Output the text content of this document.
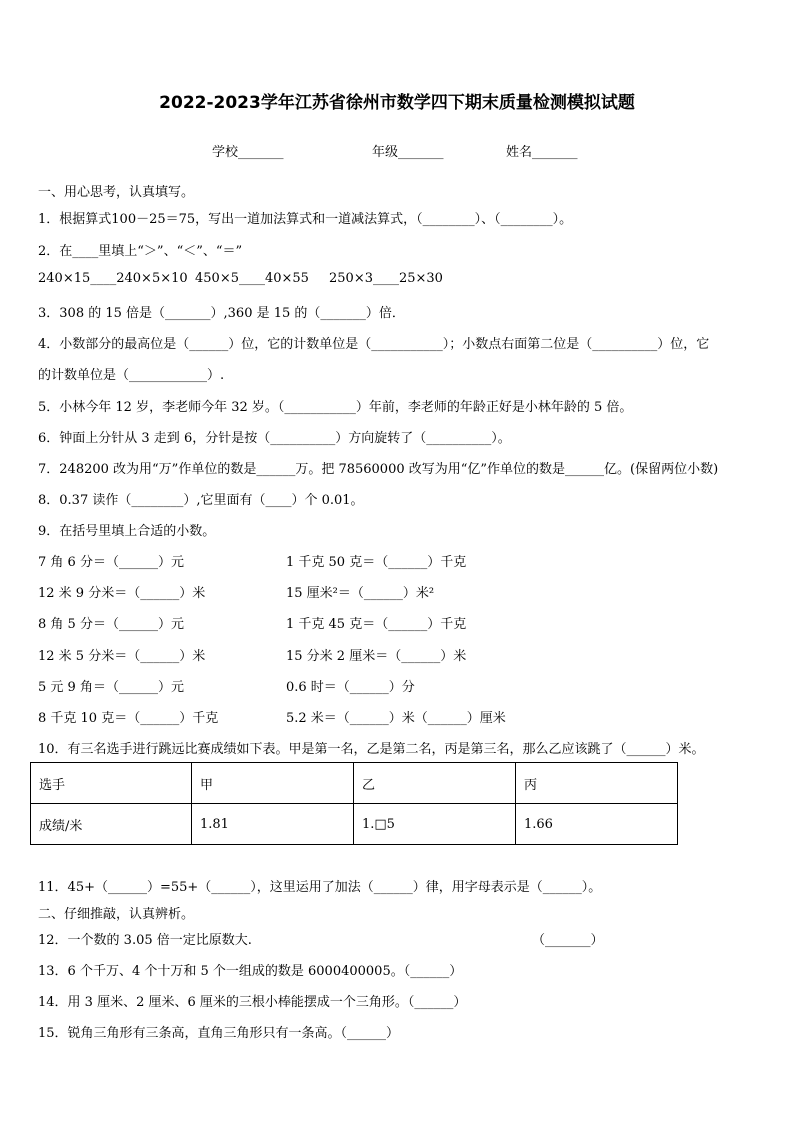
2022-2023学年江苏省徐州市数学四下期末质量检测模拟试题
学校_______	年级_______	姓名_______
一、用心思考，认真填写。
1．根据算式100－25＝75，写出一道加法算式和一道减法算式，（________）、（________）。
2．在____里填上“＞”、“＜”、“＝”
240×15____240×5×10 450×5____40×55 250×3____25×30
3．308 的 15 倍是（_______）,360 是 15 的（_______）倍．
4．小数部分的最高位是（______）位，它的计数单位是（___________）；小数点右面第二位是（__________）位，它
的计数单位是（____________）.
5．小林今年 12 岁，李老师今年 32 岁。（___________）年前，李老师的年龄正好是小林年龄的 5 倍。
6．钟面上分针从 3 走到 6，分针是按（__________）方向旋转了（__________）。
7．248200 改为用“万”作单位的数是______万。把 78560000 改写为用“亿”作单位的数是______亿。(保留两位小数)
8．0.37 读作（________）,它里面有（____）个 0.01。
9．在括号里填上合适的小数。
7 角 6 分＝（______）元	1 千克 50 克＝（______）千克
12 米 9 分米＝（______）米	15 厘米²＝（______）米²
8 角 5 分＝（______）元	1 千克 45 克＝（______）千克
12 米 5 分米＝（______）米	15 分米 2 厘米＝（______）米
5 元 9 角＝（______）元	0.6 时＝（______）分
8 千克 10 克＝（______）千克	5.2 米＝（______）米（______）厘米
10．有三名选手进行跳远比赛成绩如下表。甲是第一名，乙是第二名，丙是第三名，那么乙应该跳了（______）米。
选手	甲	乙	丙
成绩/米	1.81	1.□5	1.66
11．45+（______）=55+（______），这里运用了加法（______）律，用字母表示是（______）。
二、仔细推敲，认真辨析。
12．一个数的 3.05 倍一定比原数大.	（_______）
13．6 个千万、4 个十万和 5 个一组成的数是 6000400005。（______）
14．用 3 厘米、2 厘米、6 厘米的三根小棒能摆成一个三角形。（______）
15．锐角三角形有三条高，直角三角形只有一条高。（______）
